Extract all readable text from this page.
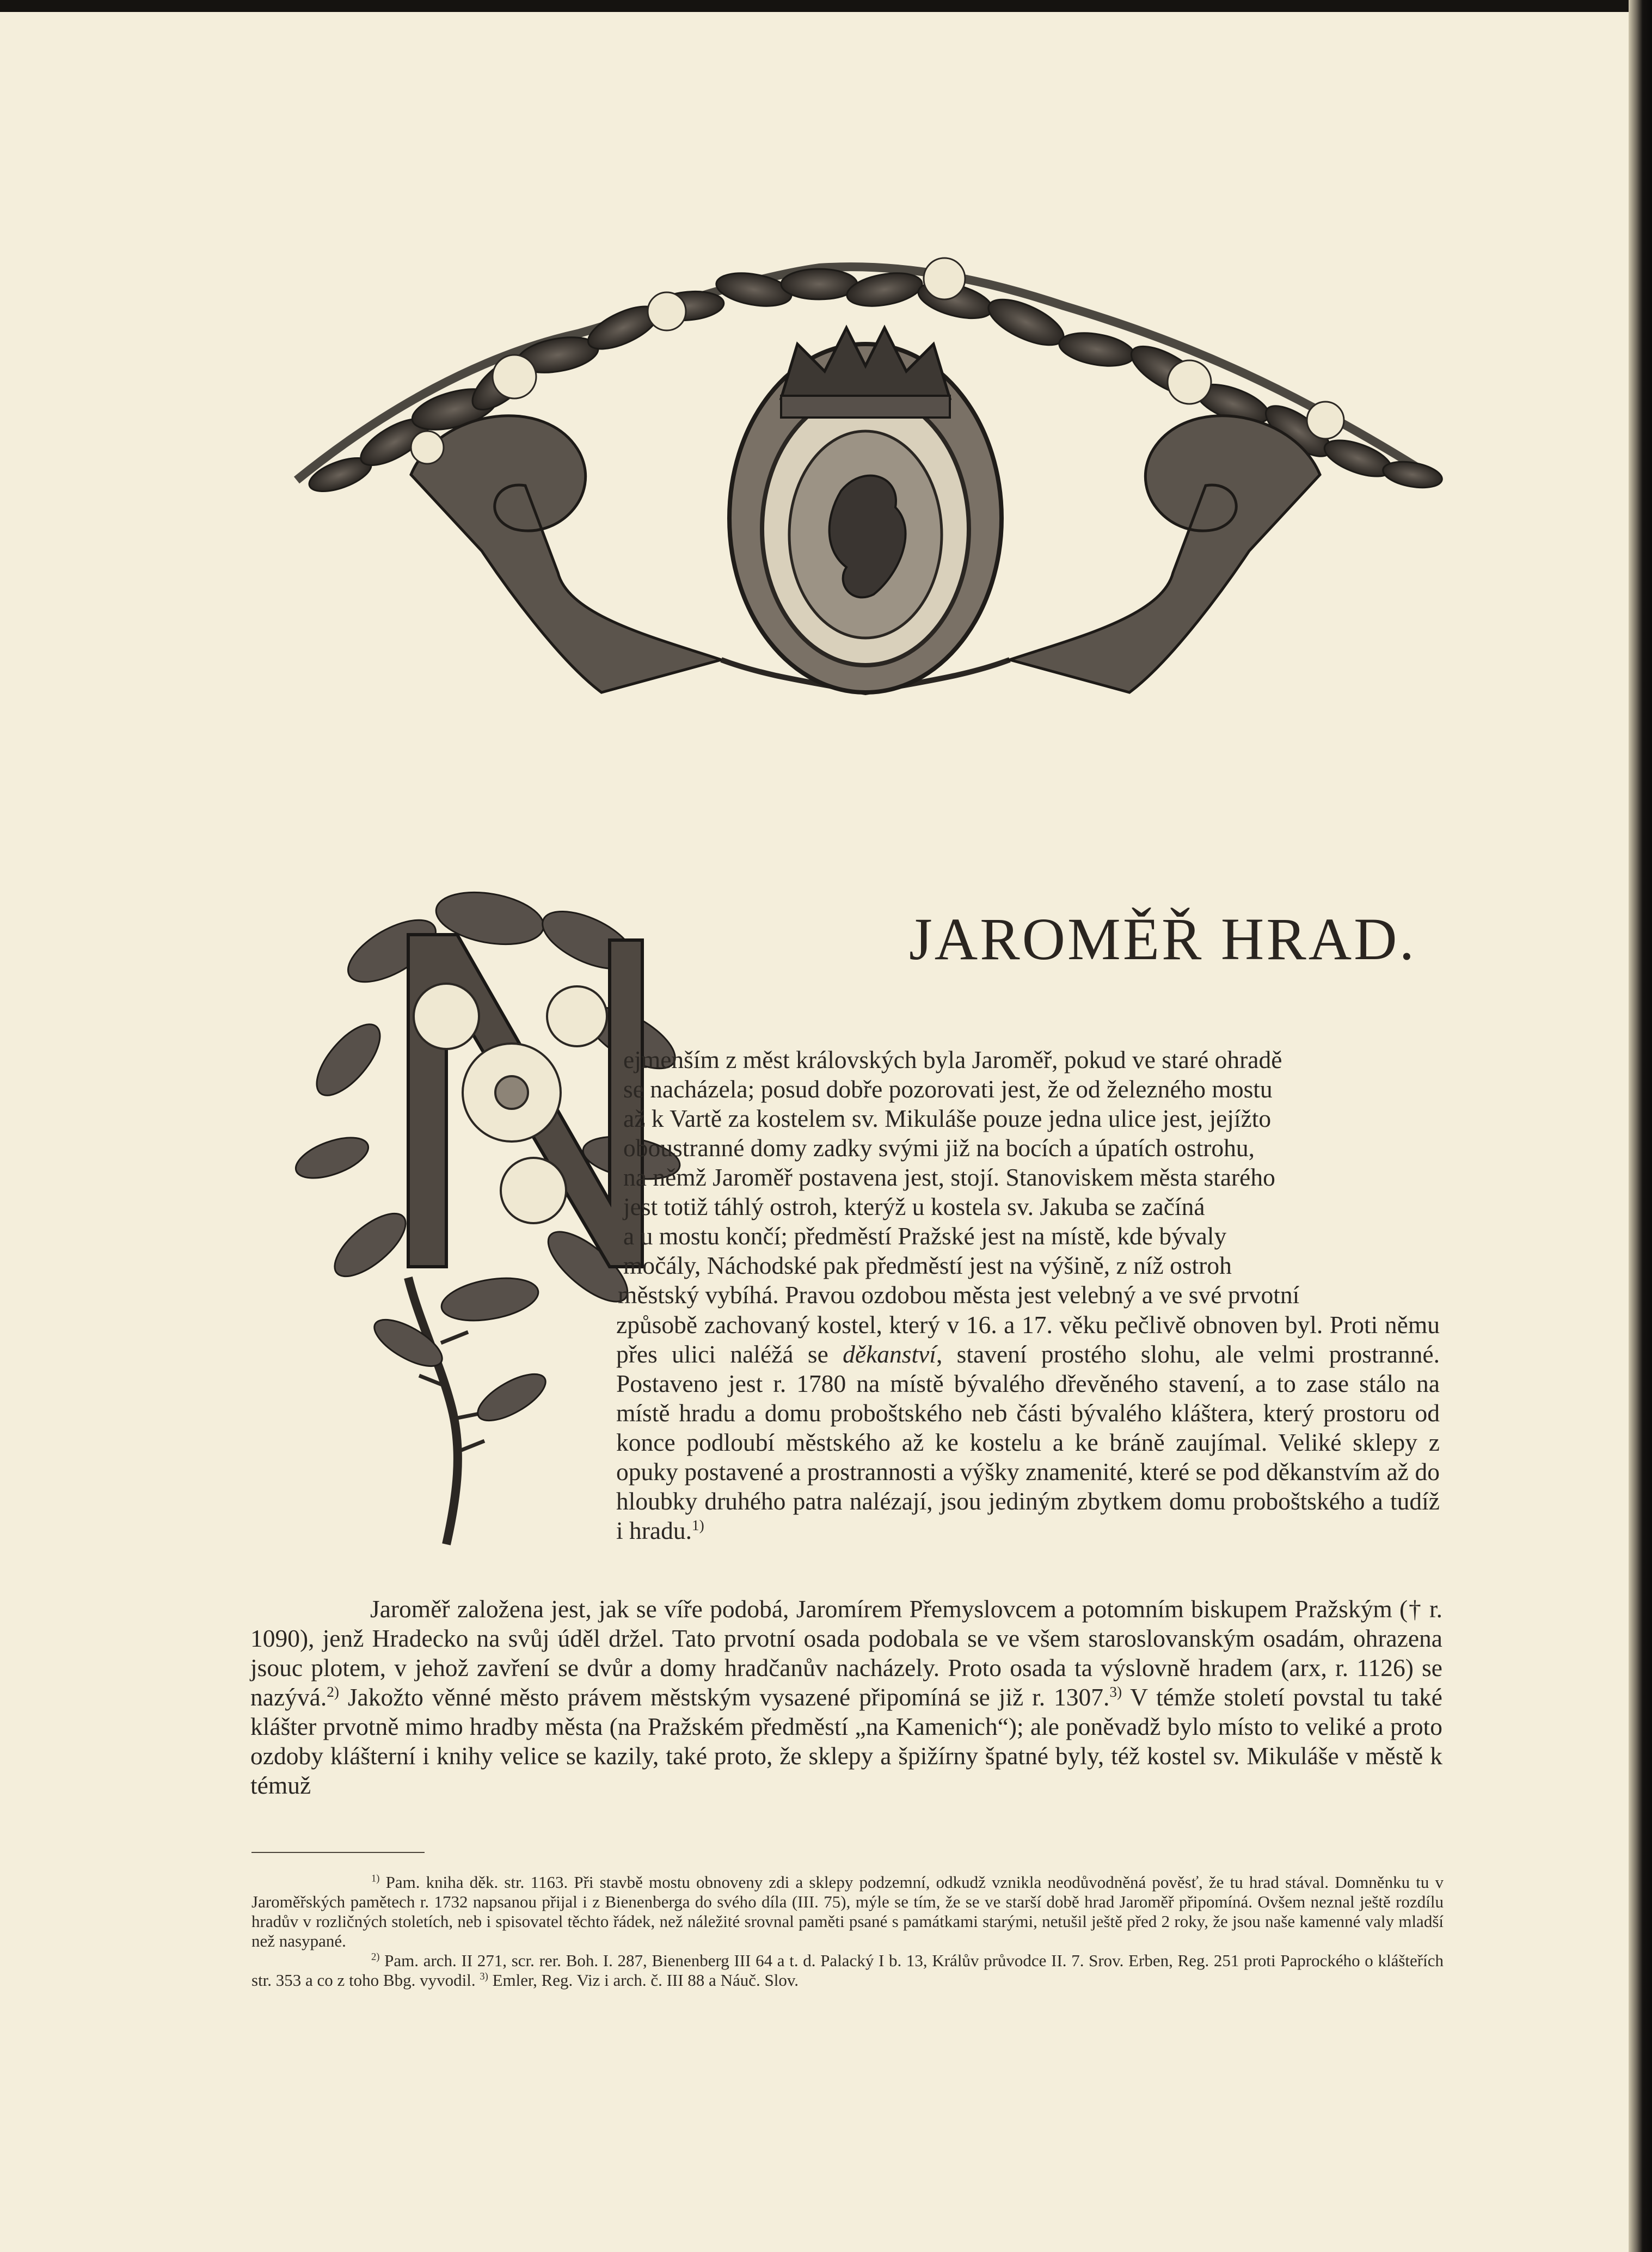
JAROMĚŘ HRAD.
ejmenším z měst královských byla Jaroměř, pokud ve staré ohradě
se nacházela; posud dobře pozorovati jest, že od železného mostu
až k Vartě za kostelem sv. Mikuláše pouze jedna ulice jest, jejížto
oboustranné domy zadky svými již na bocích a úpatích ostrohu,
na němž Jaroměř postavena jest, stojí. Stanoviskem města starého
jest totiž táhlý ostroh, kterýž u kostela sv. Jakuba se začíná
a u mostu končí; předměstí Pražské jest na místě, kde bývaly
močály, Náchodské pak předměstí jest na výšině, z níž ostroh
městský vybíhá. Pravou ozdobou města jest velebný a ve své prvotní
způsobě zachovaný kostel, který v 16. a 17. věku pečlivě obnoven byl. Proti němu přes ulici naléžá se děkanství, stavení prostého slohu, ale velmi prostranné. Postaveno jest r. 1780 na místě bývalého dřevěného stavení, a to zase stálo na místě hradu a domu proboštského neb části bývalého kláštera, který prostoru od konce podloubí městského až ke kostelu a ke bráně zaujímal. Veliké sklepy z opuky postavené a prostrannosti a výšky znamenité, které se pod děkanstvím až do hloubky druhého patra nalézají, jsou jediným zbytkem domu proboštského a tudíž i hradu.$^{1)}$
Jaroměř založena jest, jak se víře podobá, Jaromírem Přemyslovcem a potomním biskupem Pražským († r. 1090), jenž Hradecko na svůj úděl držel. Tato prvotní osada podobala se ve všem staroslovanským osadám, ohrazena jsouc plotem, v jehož zavření se dvůr a domy hradčanův nacházely. Proto osada ta výslovně hradem (arx, r. 1126) se nazývá.$^{2)}$ Jakožto věnné město právem městským vysazené připomíná se již r. 1307.$^{3)}$ V témže století povstal tu také klášter prvotně mimo hradby města (na Pražském předměstí „na Kamenich“); ale poněvadž bylo místo to veliké a proto ozdoby klášterní i knihy velice se kazily, také proto, že sklepy a špižírny špatné byly, též kostel sv. Mikuláše v městě k témuž

$^{1)}$ Pam. kniha děk. str. 1163. Při stavbě mostu obnoveny zdi a sklepy podzemní, odkudž vznikla neodůvodněná pověsť, že tu hrad stával. Domněnku tu v Jaroměřských pamětech r. 1732 napsanou přijal i z Bienenberga do svého díla (III. 75), mýle se tím, že se ve starší době hrad Jaroměř připomíná. Ovšem neznal ještě rozdílu hradův v rozličných stoletích, neb i spisovatel těchto řádek, než náležité srovnal paměti psané s památkami starými, netušil ještě před 2 roky, že jsou naše kamenné valy mladší než nasypané.

$^{2)}$ Pam. arch. II 271, scr. rer. Boh. I. 287, Bienenberg III 64 a t. d. Palacký I b. 13, Králův průvodce II. 7. Srov. Erben, Reg. 251 proti Paprockého o klášteřích str. 353 a co z toho Bbg. vyvodil. $^{3)}$ Emler, Reg. Viz i arch. č. III 88 a Náuč. Slov.
